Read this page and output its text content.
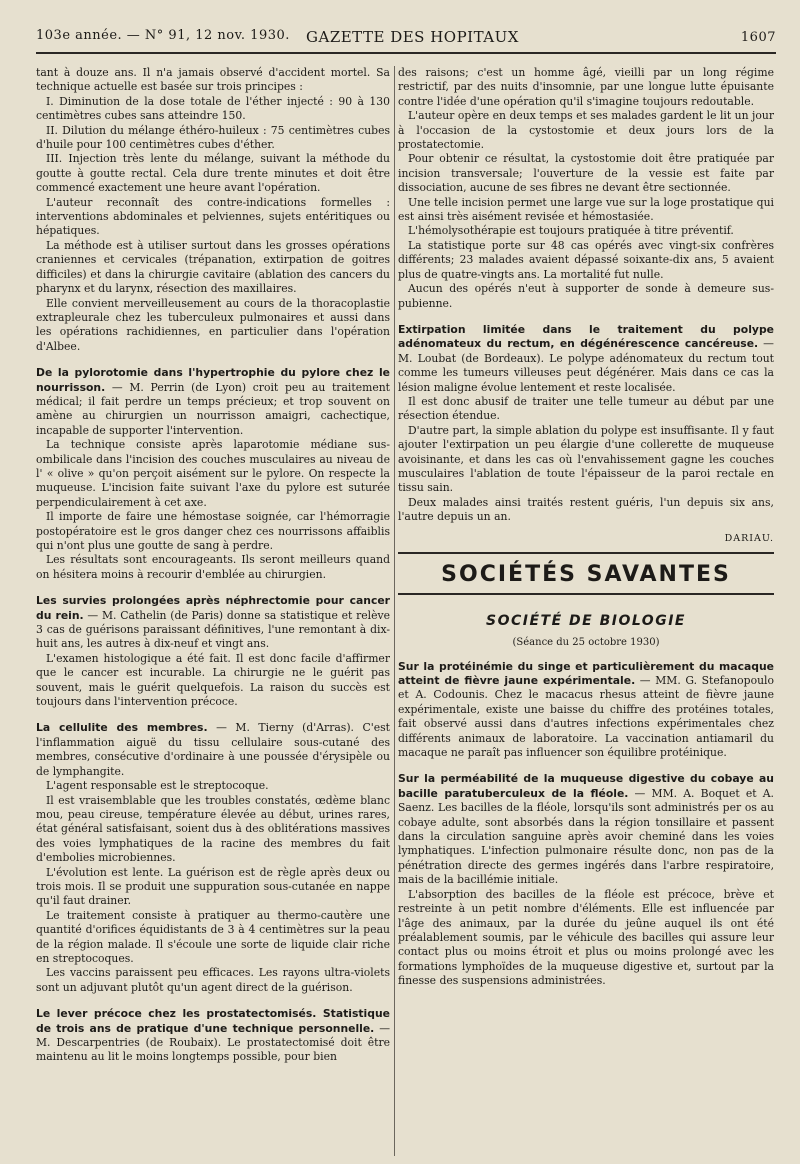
103e année. — N° 91, 12 nov. 1930. GAZETTE DES HOPITAUX	1607

tant à douze ans. Il n'a jamais observé d'accident mortel. Sa technique actuelle est basée sur trois principes :

I. Diminution de la dose totale de l'éther injecté : 90 à 130 centimètres cubes sans atteindre 150.

II. Dilution du mélange éthéro-huileux : 75 centimètres cubes d'huile pour 100 centimètres cubes d'éther.

III. Injection très lente du mélange, suivant la méthode du goutte à goutte rectal. Cela dure trente minutes et doit être commencé exactement une heure avant l'opération.

L'auteur reconnaît des contre-indications formelles : interventions abdominales et pelviennes, sujets entéritiques ou hépatiques.

La méthode est à utiliser surtout dans les grosses opérations craniennes et cervicales (trépanation, extirpation de goitres difficiles) et dans la chirurgie cavitaire (ablation des cancers du pharynx et du larynx, résection des maxillaires.

Elle convient merveilleusement au cours de la thoracoplastie extrapleurale chez les tuberculeux pulmonaires et aussi dans les opérations rachidiennes, en particulier dans l'opération d'Albee.

De la pylorotomie dans l'hypertrophie du pylore chez le nourrisson. — M. Perrin (de Lyon) croit peu au traitement médical; il fait perdre un temps précieux; et trop souvent on amène au chirurgien un nourrisson amaigri, cachectique, incapable de supporter l'intervention.

La technique consiste après laparotomie médiane sus-ombilicale dans l'incision des couches musculaires au niveau de l' « olive » qu'on perçoit aisément sur le pylore. On respecte la muqueuse. L'incision faite suivant l'axe du pylore est suturée perpendiculairement à cet axe.

Il importe de faire une hémostase soignée, car l'hémorragie postopératoire est le gros danger chez ces nourrissons affaiblis qui n'ont plus une goutte de sang à perdre.

Les résultats sont encourageants. Ils seront meilleurs quand on hésitera moins à recourir d'emblée au chirurgien.

Les survies prolongées après néphrectomie pour cancer du rein. — M. Cathelin (de Paris) donne sa statistique et relève 3 cas de guérisons paraissant définitives, l'une remontant à dix-huit ans, les autres à dix-neuf et vingt ans.

L'examen histologique a été fait. Il est donc facile d'affirmer que le cancer est incurable. La chirurgie ne le guérit pas souvent, mais le guérit quelquefois. La raison du succès est toujours dans l'intervention précoce.

La cellulite des membres. — M. Tierny (d'Arras). C'est l'inflammation aiguë du tissu cellulaire sous-cutané des membres, consécutive d'ordinaire à une poussée d'érysipèle ou de lymphangite.

L'agent responsable est le streptocoque.

Il est vraisemblable que les troubles constatés, œdème blanc mou, peau cireuse, température élevée au début, urines rares, état général satisfaisant, soient dus à des oblitérations massives des voies lymphatiques de la racine des membres du fait d'embolies microbiennes.

L'évolution est lente. La guérison est de règle après deux ou trois mois. Il se produit une suppuration sous-cutanée en nappe qu'il faut drainer.

Le traitement consiste à pratiquer au thermo-cautère une quantité d'orifices équidistants de 3 à 4 centimètres sur la peau de la région malade. Il s'écoule une sorte de liquide clair riche en streptocoques.

Les vaccins paraissent peu efficaces. Les rayons ultra-violets sont un adjuvant plutôt qu'un agent direct de la guérison.

Le lever précoce chez les prostatectomisés. Statistique de trois ans de pratique d'une technique personnelle. — M. Descarpentries (de Roubaix). Le prostatectomisé doit être maintenu au lit le moins longtemps possible, pour bien

des raisons; c'est un homme âgé, vieilli par un long régime restrictif, par des nuits d'insomnie, par une longue lutte épuisante contre l'idée d'une opération qu'il s'imagine toujours redoutable.

L'auteur opère en deux temps et ses malades gardent le lit un jour à l'occasion de la cystostomie et deux jours lors de la prostatectomie.

Pour obtenir ce résultat, la cystostomie doit être pratiquée par incision transversale; l'ouverture de la vessie est faite par dissociation, aucune de ses fibres ne devant être sectionnée.

Une telle incision permet une large vue sur la loge prostatique qui est ainsi très aisément revisée et hémostasiée.

L'hémolysothérapie est toujours pratiquée à titre préventif.

La statistique porte sur 48 cas opérés avec vingt-six confrères différents; 23 malades avaient dépassé soixante-dix ans, 5 avaient plus de quatre-vingts ans. La mortalité fut nulle.

Aucun des opérés n'eut à supporter de sonde à demeure sus-pubienne.

Extirpation limitée dans le traitement du polype adénomateux du rectum, en dégénérescence cancéreuse. — M. Loubat (de Bordeaux). Le polype adénomateux du rectum tout comme les tumeurs villeuses peut dégénérer. Mais dans ce cas la lésion maligne évolue lentement et reste localisée.

Il est donc abusif de traiter une telle tumeur au début par une résection étendue.

D'autre part, la simple ablation du polype est insuffisante. Il y faut ajouter l'extirpation un peu élargie d'une collerette de muqueuse avoisinante, et dans les cas où l'envahissement gagne les couches musculaires l'ablation de toute l'épaisseur de la paroi rectale en tissu sain.

Deux malades ainsi traités restent guéris, l'un depuis six ans, l'autre depuis un an.

DARIAU.
SOCIÉTÉS SAVANTES
SOCIÉTÉ DE BIOLOGIE
(Séance du 25 octobre 1930)

Sur la protéinémie du singe et particulièrement du macaque atteint de fièvre jaune expérimentale. — MM. G. Stefanopoulo et A. Codounis. Chez le macacus rhesus atteint de fièvre jaune expérimentale, existe une baisse du chiffre des protéines totales, fait observé aussi dans d'autres infections expérimentales chez différents animaux de laboratoire. La vaccination antiamaril du macaque ne paraît pas influencer son équilibre protéinique.

Sur la perméabilité de la muqueuse digestive du cobaye au bacille paratuberculeux de la fléole. — MM. A. Boquet et A. Saenz. Les bacilles de la fléole, lorsqu'ils sont administrés per os au cobaye adulte, sont absorbés dans la région tonsillaire et passent dans la circulation sanguine après avoir cheminé dans les voies lymphatiques. L'infection pulmonaire résulte donc, non pas de la pénétration directe des germes ingérés dans l'arbre respiratoire, mais de la bacillémie initiale.

L'absorption des bacilles de la fléole est précoce, brève et restreinte à un petit nombre d'éléments. Elle est influencée par l'âge des animaux, par la durée du jeûne auquel ils ont été préalablement soumis, par le véhicule des bacilles qui assure leur contact plus ou moins étroit et plus ou moins prolongé avec les formations lymphoïdes de la muqueuse digestive et, surtout par la finesse des suspensions administrées.
